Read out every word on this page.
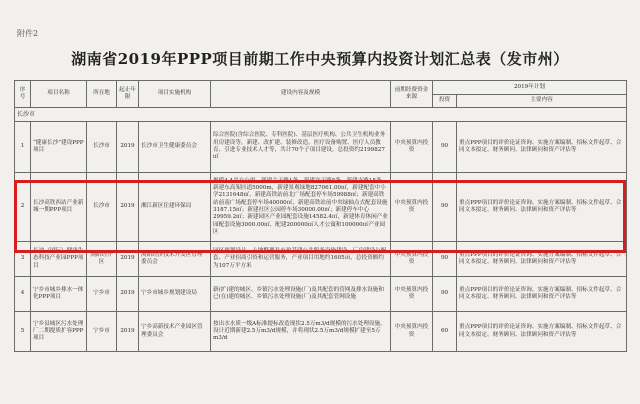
附件2
湖南省2019年PPP项目前期工作中央预算内投资计划汇总表（发市州）
序号	项目名称	所在地	起止年限	项目实施机构	建设内容及规模	前期经费资金来源	2019年计划	
							投资	主要内容
长沙市								
1	“健康长沙”建设PPP项目	长沙市	2019	长沙市卫生健康委员会	综合医院(含综合医院、专科医院)、基层医疗机构、公共卫生机构业务用房建设等，新建、改扩建、装修改造、医疗设备购置、医疗人员教育、引进专业技术人才等，共计70个子项目建设，总投资约2199827㎡	中央预算内投资	90	重点PPP项目的评价论证咨询、实施方案编制、招标文件起草、合同文本拟定、财务顾问、法律顾问和资产评估等
2	长沙高铁西站产业新城一期PPP项目	长沙市	2019	湘江新区住建环保局	规模4.4平方公里，新建主干路1条，新建次干路5条，新建支路15条，新建东高架匝道5000m，新建景观绿地827061.00㎡，新建配套中小学2131648㎡，新建高铁站前北广场配套停车场59988㎡；新建高铁站前南广场配套停车场40000㎡，新建高铁站前中央绿轴点式配套设施3187.15㎡；新建社区公园停车场30000.00㎡；新建停车中心29959.2㎡；新建园区产业园配套设施14582.4㎡，新建体育休闲产业园配套设施3000.00㎡，配建200000㎡人才公寓和100000㎡产业园区	中央预算内投资	90	重点PPP项目的评价论证咨询、实施方案编制、招标文件起草、合同文本拟定、财务顾问、法律顾问和资产评估等
3	长沙（国际）健康生态科技产业园PPP项目	浏阳经开区	2019	浏阳经济技术开发区管理委员会	园区规划设计、土地整理及市政基建公共服务设施建设、厂房建设与配套、产业招商引资和运营服务，产业项目用地约1605亩，总投资额约为107万平方米	中央预算内投资	90	重点PPP项目的评价论证咨询、实施方案编制、招标文件起草、合同文本拟定、财务顾问、法律顾问和资产评估等
4	宁乡市城乡排水一体化PPP项目	宁乡市	2019	宁乡市城乡规划建设局	新(扩)建的城区、乡镇污水处理设施(厂)及其配套的管网及排水设施和已(在)建的城区、乡镇污水处理设施(厂)及其配套管网设施	中央预算内投资	90	重点PPP项目的评价论证咨询、实施方案编制、招标文件起草、合同文本拟定、财务顾问、法律顾问和资产评估等
5	宁乡县城区污水处理厂二期提质扩容PPP项目	宁乡市	2019	宁乡高新技术产业园区管理委员会	按出水水质一级A标准提标改造现状2.5万m3/d规模的污水处理设施，设计近期新建2.5万m3/d规模，并将现状2.5万m3/d规模扩建至5万m3/d	中央预算内投资	60	重点PPP项目的评价论证咨询、实施方案编制、招标文件起草、合同文本拟定、财务顾问、法律顾问和资产评估等
